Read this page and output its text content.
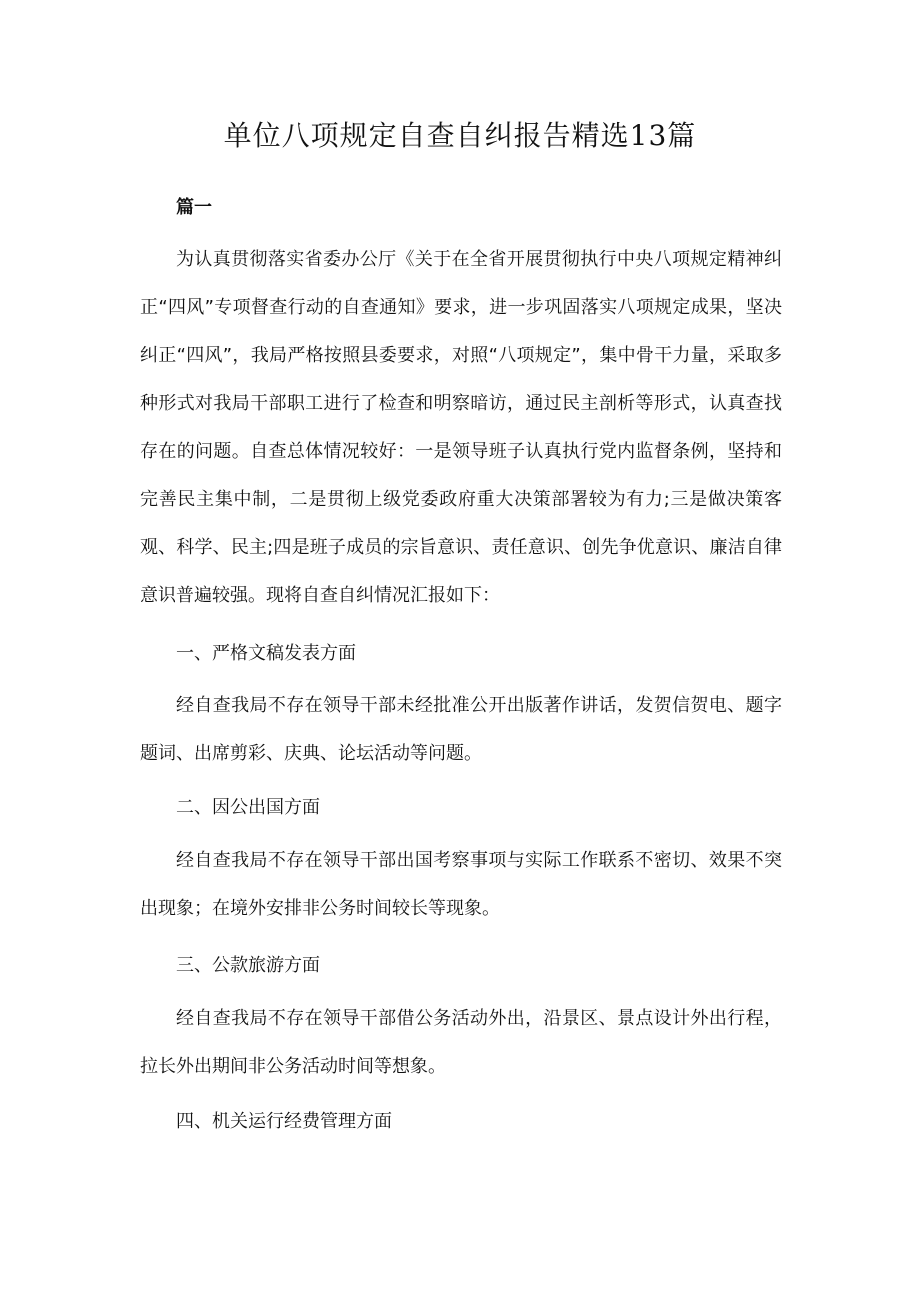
单位八项规定自查自纠报告精选13篇

篇一

为认真贯彻落实省委办公厅《关于在全省开展贯彻执行中央八项规定精神纠正“四风”专项督查行动的自查通知》要求，进一步巩固落实八项规定成果，坚决纠正“四风”，我局严格按照县委要求，对照“八项规定”，集中骨干力量，采取多种形式对我局干部职工进行了检查和明察暗访，通过民主剖析等形式，认真查找存在的问题。自查总体情况较好：一是领导班子认真执行党内监督条例，坚持和完善民主集中制，二是贯彻上级党委政府重大决策部署较为有力;三是做决策客观、科学、民主;四是班子成员的宗旨意识、责任意识、创先争优意识、廉洁自律意识普遍较强。现将自查自纠情况汇报如下：

一、严格文稿发表方面

经自查我局不存在领导干部未经批准公开出版著作讲话，发贺信贺电、题字题词、出席剪彩、庆典、论坛活动等问题。

二、因公出国方面

经自查我局不存在领导干部出国考察事项与实际工作联系不密切、效果不突出现象；在境外安排非公务时间较长等现象。

三、公款旅游方面

经自查我局不存在领导干部借公务活动外出，沿景区、景点设计外出行程，拉长外出期间非公务活动时间等想象。

四、机关运行经费管理方面
